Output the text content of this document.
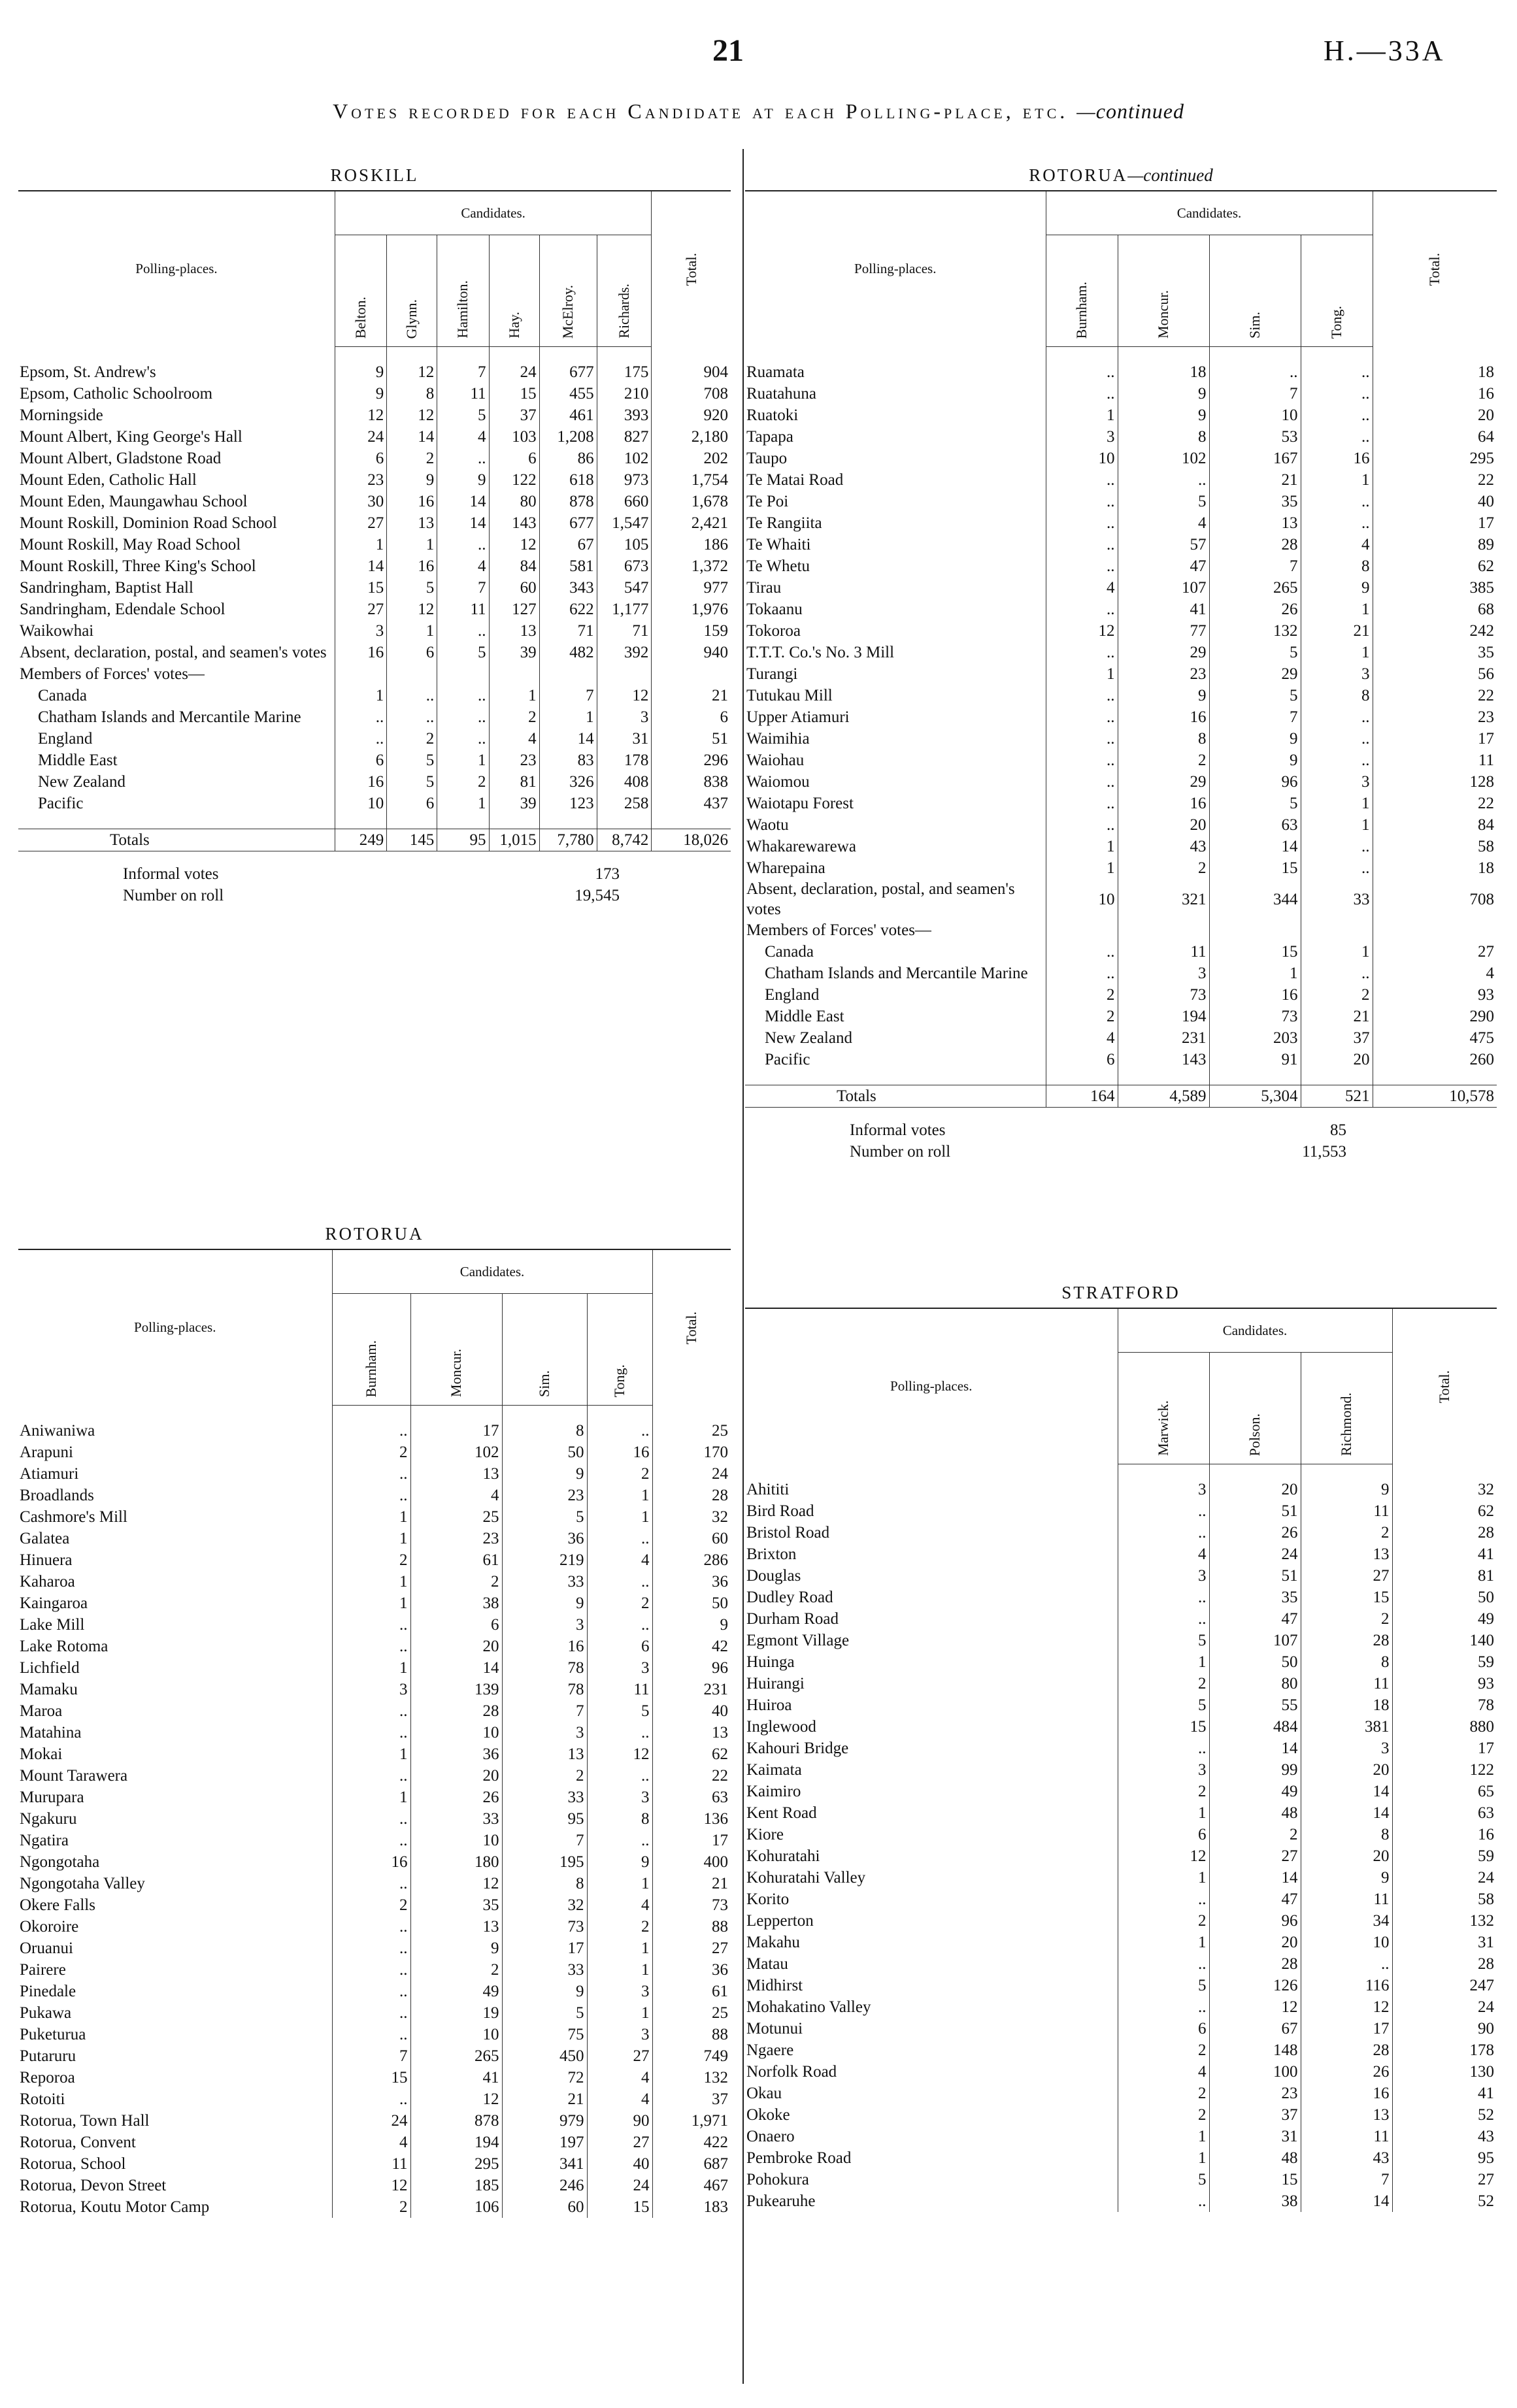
21	H.—33A
Votes recorded for each Candidate at each Polling-place, etc. —continued
ROSKILL
Polling-places.	Candidates.						Total.

	Belton.	Glynn.	Hamilton.	Hay.	McElroy.	Richards.	

Epsom, St. Andrew's	9	12	7	24	677	175	904
Epsom, Catholic Schoolroom	9	8	11	15	455	210	708
Morningside	12	12	5	37	461	393	920
Mount Albert, King George's Hall	24	14	4	103	1,208	827	2,180
Mount Albert, Gladstone Road	6	2	..	6	86	102	202
Mount Eden, Catholic Hall	23	9	9	122	618	973	1,754
Mount Eden, Maungawhau School	30	16	14	80	878	660	1,678
Mount Roskill, Dominion Road School	27	13	14	143	677	1,547	2,421
Mount Roskill, May Road School	1	1	..	12	67	105	186
Mount Roskill, Three King's School	14	16	4	84	581	673	1,372
Sandringham, Baptist Hall	15	5	7	60	343	547	977
Sandringham, Edendale School	27	12	11	127	622	1,177	1,976
Waikowhai	3	1	..	13	71	71	159
Absent, declaration, postal, and seamen's votes	16	6	5	39	482	392	940
Members of Forces' votes—							
Canada	1	..	..	1	7	12	21
Chatham Islands and Mercantile Marine	..	..	..	2	1	3	6
England	..	2	..	4	14	31	51
Middle East	6	5	1	23	83	178	296
New Zealand	16	5	2	81	326	408	838
Pacific	10	6	1	39	123	258	437

Totals	249	145	95	1,015	7,780	8,742	18,026
	Informal votes	173	
	Number on roll	19,545	
ROTORUA
Polling-places.	Candidates.				Total.

	Burnham.	Moncur.	Sim.	Tong.	

Aniwaniwa	..	17	8	..	25
Arapuni	2	102	50	16	170
Atiamuri	..	13	9	2	24
Broadlands	..	4	23	1	28
Cashmore's Mill	1	25	5	1	32
Galatea	1	23	36	..	60
Hinuera	2	61	219	4	286
Kaharoa	1	2	33	..	36
Kaingaroa	1	38	9	2	50
Lake Mill	..	6	3	..	9
Lake Rotoma	..	20	16	6	42
Lichfield	1	14	78	3	96
Mamaku	3	139	78	11	231
Maroa	..	28	7	5	40
Matahina	..	10	3	..	13
Mokai	1	36	13	12	62
Mount Tarawera	..	20	2	..	22
Murupara	1	26	33	3	63
Ngakuru	..	33	95	8	136
Ngatira	..	10	7	..	17
Ngongotaha	16	180	195	9	400
Ngongotaha Valley	..	12	8	1	21
Okere Falls	2	35	32	4	73
Okoroire	..	13	73	2	88
Oruanui	..	9	17	1	27
Pairere	..	2	33	1	36
Pinedale	..	49	9	3	61
Pukawa	..	19	5	1	25
Puketurua	..	10	75	3	88
Putaruru	7	265	450	27	749
Reporoa	15	41	72	4	132
Rotoiti	..	12	21	4	37
Rotorua, Town Hall	24	878	979	90	1,971
Rotorua, Convent	4	194	197	27	422
Rotorua, School	11	295	341	40	687
Rotorua, Devon Street	12	185	246	24	467
Rotorua, Koutu Motor Camp	2	106	60	15	183
ROTORUA—continued
Polling-places.	Candidates.				Total.

	Burnham.	Moncur.	Sim.	Tong.	

Ruamata	..	18	..	..	18
Ruatahuna	..	9	7	..	16
Ruatoki	1	9	10	..	20
Tapapa	3	8	53	..	64
Taupo	10	102	167	16	295
Te Matai Road	..	..	21	1	22
Te Poi	..	5	35	..	40
Te Rangiita	..	4	13	..	17
Te Whaiti	..	57	28	4	89
Te Whetu	..	47	7	8	62
Tirau	4	107	265	9	385
Tokaanu	..	41	26	1	68
Tokoroa	12	77	132	21	242
T.T.T. Co.'s No. 3 Mill	..	29	5	1	35
Turangi	1	23	29	3	56
Tutukau Mill	..	9	5	8	22
Upper Atiamuri	..	16	7	..	23
Waimihia	..	8	9	..	17
Waiohau	..	2	9	..	11
Waiomou	..	29	96	3	128
Waiotapu Forest	..	16	5	1	22
Waotu	..	20	63	1	84
Whakarewarewa	1	43	14	..	58
Wharepaina	1	2	15	..	18
Absent, declaration, postal, and seamen's votes	10	321	344	33	708
Members of Forces' votes—					
Canada	..	11	15	1	27
Chatham Islands and Mercantile Marine	..	3	1	..	4
England	2	73	16	2	93
Middle East	2	194	73	21	290
New Zealand	4	231	203	37	475
Pacific	6	143	91	20	260

Totals	164	4,589	5,304	521	10,578
	Informal votes	85	
	Number on roll	11,553	
STRATFORD
Polling-places.	Candidates.			Total.

	Marwick.	Polson.	Richmond.	

Ahititi	3	20	9	32
Bird Road	..	51	11	62
Bristol Road	..	26	2	28
Brixton	4	24	13	41
Douglas	3	51	27	81
Dudley Road	..	35	15	50
Durham Road	..	47	2	49
Egmont Village	5	107	28	140
Huinga	1	50	8	59
Huirangi	2	80	11	93
Huiroa	5	55	18	78
Inglewood	15	484	381	880
Kahouri Bridge	..	14	3	17
Kaimata	3	99	20	122
Kaimiro	2	49	14	65
Kent Road	1	48	14	63
Kiore	6	2	8	16
Kohuratahi	12	27	20	59
Kohuratahi Valley	1	14	9	24
Korito	..	47	11	58
Lepperton	2	96	34	132
Makahu	1	20	10	31
Matau	..	28	..	28
Midhirst	5	126	116	247
Mohakatino Valley	..	12	12	24
Motunui	6	67	17	90
Ngaere	2	148	28	178
Norfolk Road	4	100	26	130
Okau	2	23	16	41
Okoke	2	37	13	52
Onaero	1	31	11	43
Pembroke Road	1	48	43	95
Pohokura	5	15	7	27
Pukearuhe	..	38	14	52
